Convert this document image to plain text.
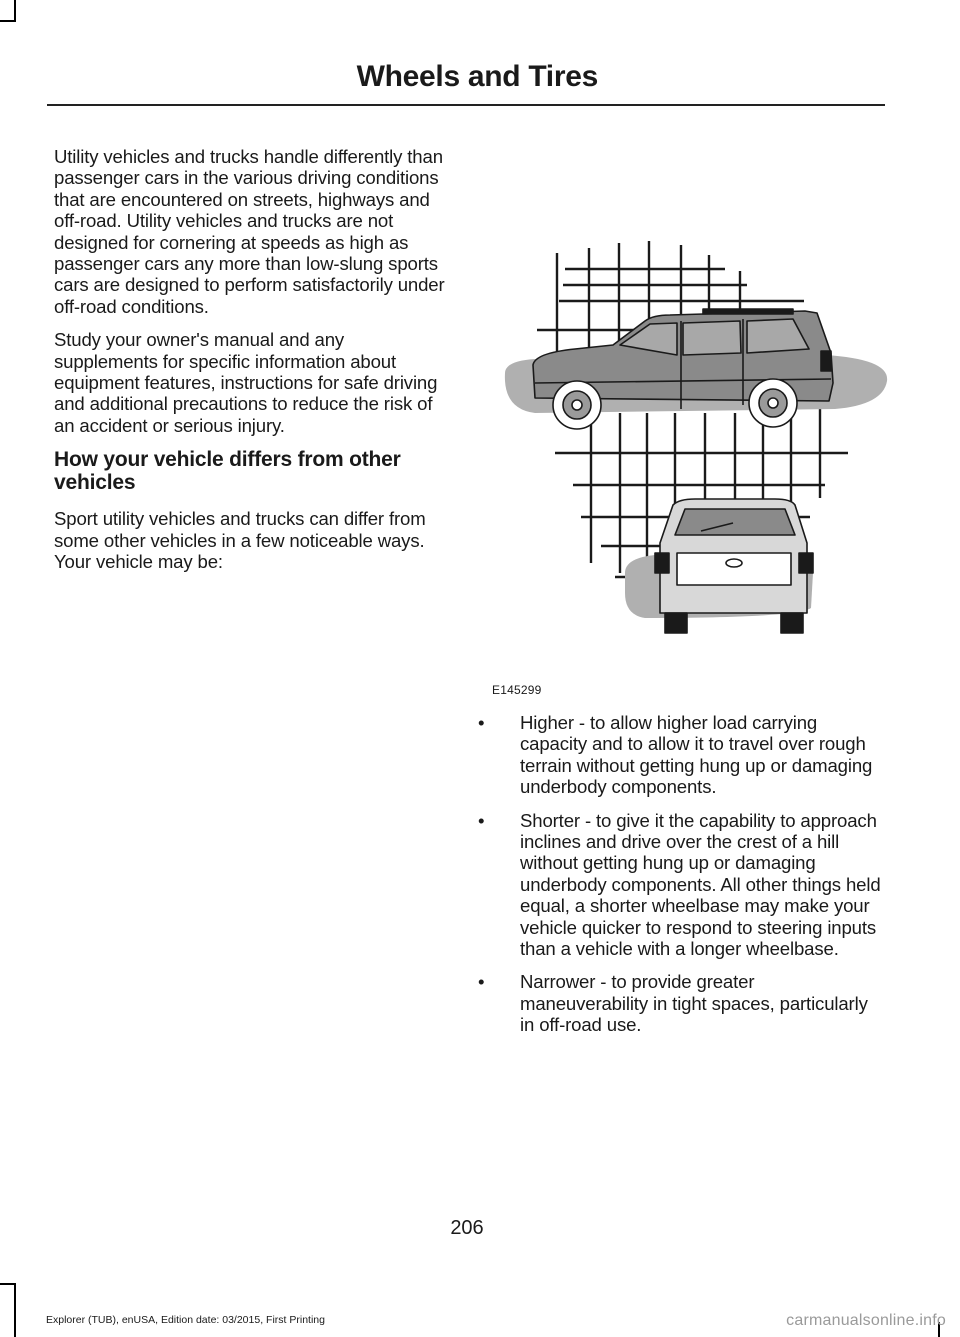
Wheels and Tires

Utility vehicles and trucks handle differently than passenger cars in the various driving conditions that are encountered on streets, highways and off-road. Utility vehicles and trucks are not designed for cornering at speeds as high as passenger cars any more than low-slung sports cars are designed to perform satisfactorily under off-road conditions.

Study your owner's manual and any supplements for specific information about equipment features, instructions for safe driving and additional precautions to reduce the risk of an accident or serious injury.

How your vehicle differs from other vehicles

Sport utility vehicles and trucks can differ from some other vehicles in a few noticeable ways. Your vehicle may be:

E145299
• Higher - to allow higher load carrying capacity and to allow it to travel over rough terrain without getting hung up or damaging underbody components.
• Shorter - to give it the capability to approach inclines and drive over the crest of a hill without getting hung up or damaging underbody components. All other things held equal, a shorter wheelbase may make your vehicle quicker to respond to steering inputs than a vehicle with a longer wheelbase.
• Narrower - to provide greater maneuverability in tight spaces, particularly in off-road use.
206
Explorer (TUB), enUSA, Edition date: 03/2015, First Printing	carmanualsonline.info
